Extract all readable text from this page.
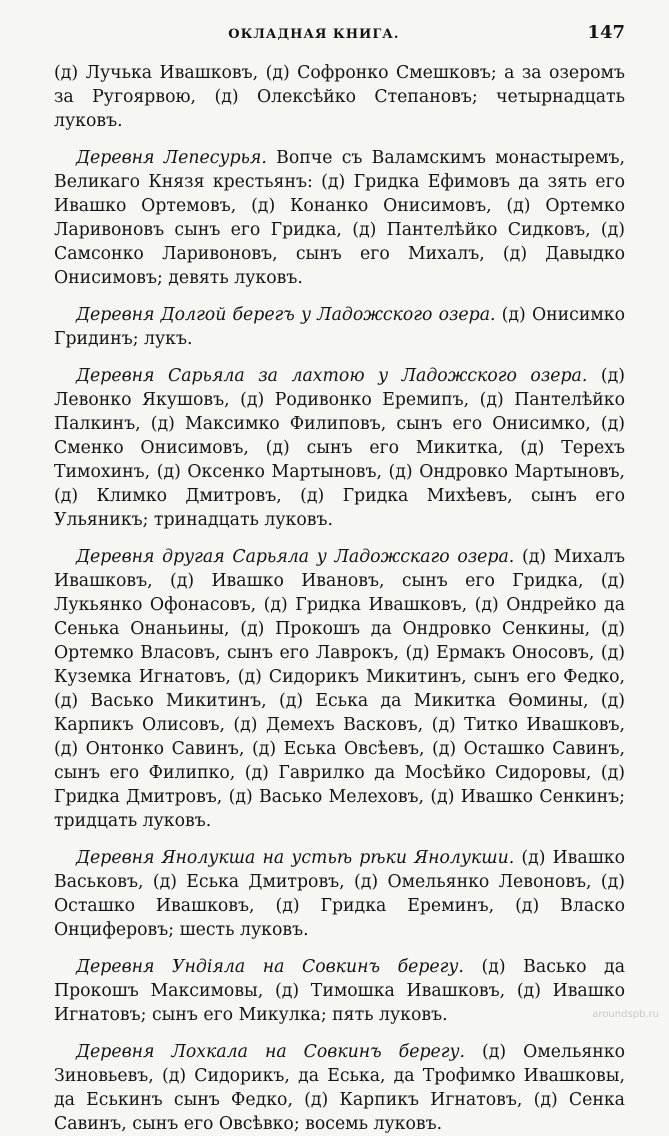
ОКЛАДНАЯ КНИГА.	147

(д) Лучька Ивашковъ, (д) Софронко Смешковъ; а за озеромъ за Ругоярвою, (д) Олексѣйко Степановъ; четырнадцать луковъ.

Деревня Лепесурья. Вопче съ Валамскимъ монастыремъ, Великаго Князя крестьянъ: (д) Гридка Ефимовъ да зять его Ивашко Ортемовъ, (д) Конанко Онисимовъ, (д) Ортемко Ларивоновъ сынъ его Гридка, (д) Пантелѣйко Сидковъ, (д) Самсонко Ларивоновъ, сынъ его Михалъ, (д) Давыдко Онисимовъ; девять луковъ.

Деревня Долгой берегъ у Ладожского озера. (д) Онисимко Гридинъ; лукъ.

Деревня Сарьяла за лахтою у Ладожского озера. (д) Левонко Якушовъ, (д) Родивонко Еремипъ, (д) Пантелѣйко Палкинъ, (д) Максимко Филиповъ, сынъ его Онисимко, (д) Сменко Онисимовъ, (д) сынъ его Микитка, (д) Терехъ Тимохинъ, (д) Оксенко Мартыновъ, (д) Ондровко Мартыновъ, (д) Климко Дмитровъ, (д) Гридка Михѣевъ, сынъ его Ульяникъ; тринадцать луковъ.

Деревня другая Сарьяла у Ладожскаго озера. (д) Михалъ Ивашковъ, (д) Ивашко Ивановъ, сынъ его Гридка, (д) Лукьянко Офонасовъ, (д) Гридка Ивашковъ, (д) Ондрейко да Сенька Онаньины, (д) Прокошъ да Ондровко Сенкины, (д) Ортемко Власовъ, сынъ его Лаврокъ, (д) Ермакъ Оносовъ, (д) Куземка Игнатовъ, (д) Сидорикъ Микитинъ, сынъ его Федко, (д) Васько Микитинъ, (д) Еська да Микитка Ѳомины, (д) Карпикъ Олисовъ, (д) Демехъ Васковъ, (д) Титко Ивашковъ, (д) Онтонко Савинъ, (д) Еська Овсѣевъ, (д) Осташко Савинъ, сынъ его Филипко, (д) Гаврилко да Мосѣйко Сидоровы, (д) Гридка Дмитровъ, (д) Васько Мелеховъ, (д) Ивашко Сенкинъ; тридцать луковъ.

Деревня Янолукша на устьѣ рѣки Янолукши. (д) Ивашко Васьковъ, (д) Еська Дмитровъ, (д) Омельянко Левоновъ, (д) Осташко Ивашковъ, (д) Гридка Ереминъ, (д) Власко Онциферовъ; шесть луковъ.

Деревня Ундіяла на Совкинъ берегу. (д) Васько да Прокошъ Максимовы, (д) Тимошка Ивашковъ, (д) Ивашко Игнатовъ; сынъ его Микулка; пять луковъ.

Деревня Лохкала на Совкинъ берегу. (д) Омельянко Зиновьевъ, (д) Сидорикъ, да Еська, да Трофимко Ивашковы, да Еськинъ сынъ Федко, (д) Карпикъ Игнатовъ, (д) Сенка Савинъ, сынъ его Овсѣвко; восемь луковъ.

aroundspb.ru
